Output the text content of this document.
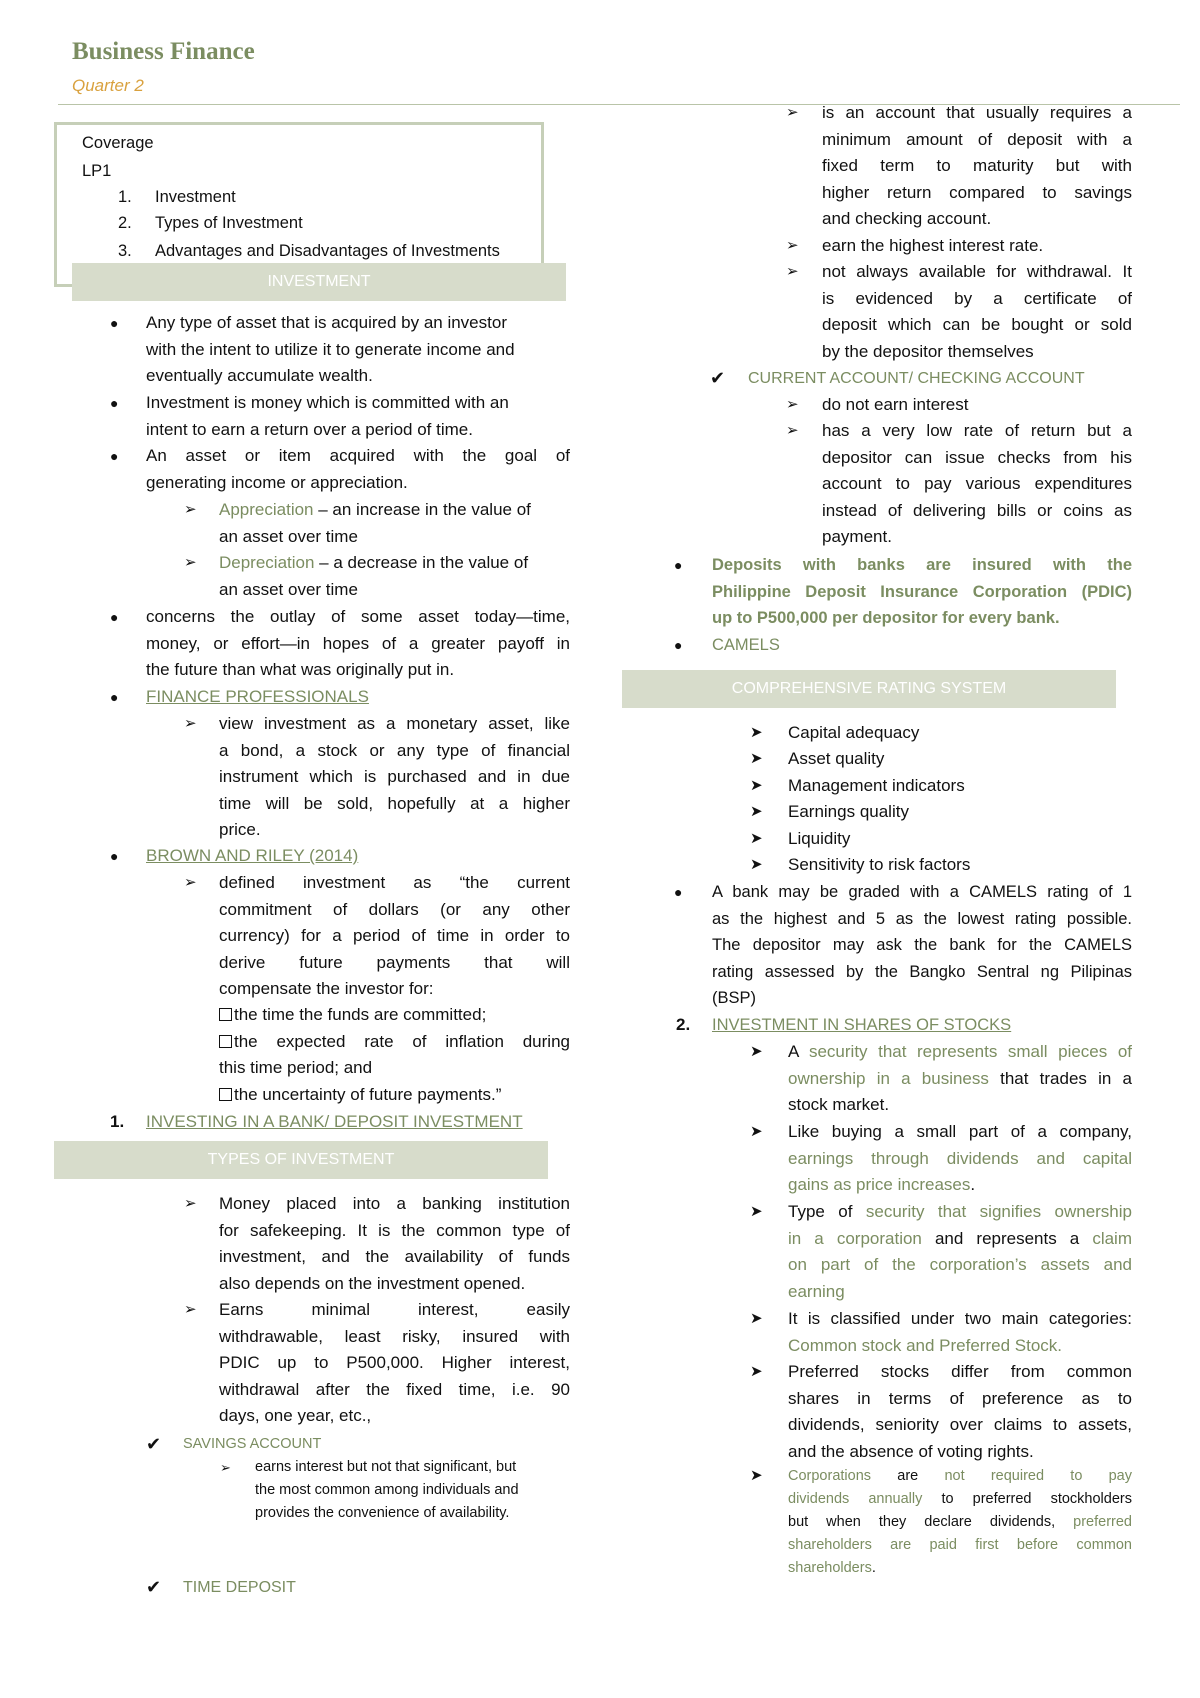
Business Finance
Quarter 2
Coverage
LP1
1. Investment
2. Types of Investment
3. Advantages and Disadvantages of Investments
INVESTMENT
● Any type of asset that is acquired by an investor
with the intent to utilize it to generate income and
eventually accumulate wealth.
● Investment is money which is committed with an
intent to earn a return over a period of time.
● An asset or item acquired with the goal of
generating income or appreciation.
➢ Appreciation – an increase in the value of
an asset over time
➢ Depreciation – a decrease in the value of
an asset over time
● concerns the outlay of some asset today—time,
money, or effort—in hopes of a greater payoff in
the future than what was originally put in.
● FINANCE PROFESSIONALS
➢ view investment as a monetary asset, like
a bond, a stock or any type of financial
instrument which is purchased and in due
time will be sold, hopefully at a higher
price.
● BROWN AND RILEY (2014)
➢ defined investment as “the current
commitment of dollars (or any other
currency) for a period of time in order to
derive future payments that will
compensate the investor for:
the time the funds are committed;
the expected rate of inflation during
this time period; and
the uncertainty of future payments.”
1. INVESTING IN A BANK/ DEPOSIT INVESTMENT
TYPES OF INVESTMENT
➢ Money placed into a banking institution
for safekeeping. It is the common type of
investment, and the availability of funds
also depends on the investment opened.
➢ Earns minimal interest, easily
withdrawable, least risky, insured with
PDIC up to P500,000. Higher interest,
withdrawal after the fixed time, i.e. 90
days, one year, etc.,
✔ SAVINGS ACCOUNT
➢ earns interest but not that significant, but
the most common among individuals and
provides the convenience of availability.
✔ TIME DEPOSIT
➢ is an account that usually requires a
minimum amount of deposit with a
fixed term to maturity but with
higher return compared to savings
and checking account.
➢ earn the highest interest rate.
➢ not always available for withdrawal. It
is evidenced by a certificate of
deposit which can be bought or sold
by the depositor themselves
✔ CURRENT ACCOUNT/ CHECKING ACCOUNT
➢ do not earn interest
➢ has a very low rate of return but a
depositor can issue checks from his
account to pay various expenditures
instead of delivering bills or coins as
payment.
● Deposits with banks are insured with the
Philippine Deposit Insurance Corporation (PDIC)
up to P500,000 per depositor for every bank.
● CAMELS
COMPREHENSIVE RATING SYSTEM
➤ Capital adequacy
➤ Asset quality
➤ Management indicators
➤ Earnings quality
➤ Liquidity
➤ Sensitivity to risk factors
● A bank may be graded with a CAMELS rating of 1
as the highest and 5 as the lowest rating possible.
The depositor may ask the bank for the CAMELS
rating assessed by the Bangko Sentral ng Pilipinas
(BSP)
2. INVESTMENT IN SHARES OF STOCKS
➤ A security that represents small pieces of
ownership in a business that trades in a
stock market.
➤ Like buying a small part of a company,
earnings through dividends and capital
gains as price increases.
➤ Type of security that signifies ownership
in a corporation and represents a claim
on part of the corporation’s assets and
earning
➤ It is classified under two main categories:
Common stock and Preferred Stock.
➤ Preferred stocks differ from common
shares in terms of preference as to
dividends, seniority over claims to assets,
and the absence of voting rights.
➤ Corporations are not required to pay
dividends annually to preferred stockholders
but when they declare dividends, preferred
shareholders are paid first before common
shareholders.
